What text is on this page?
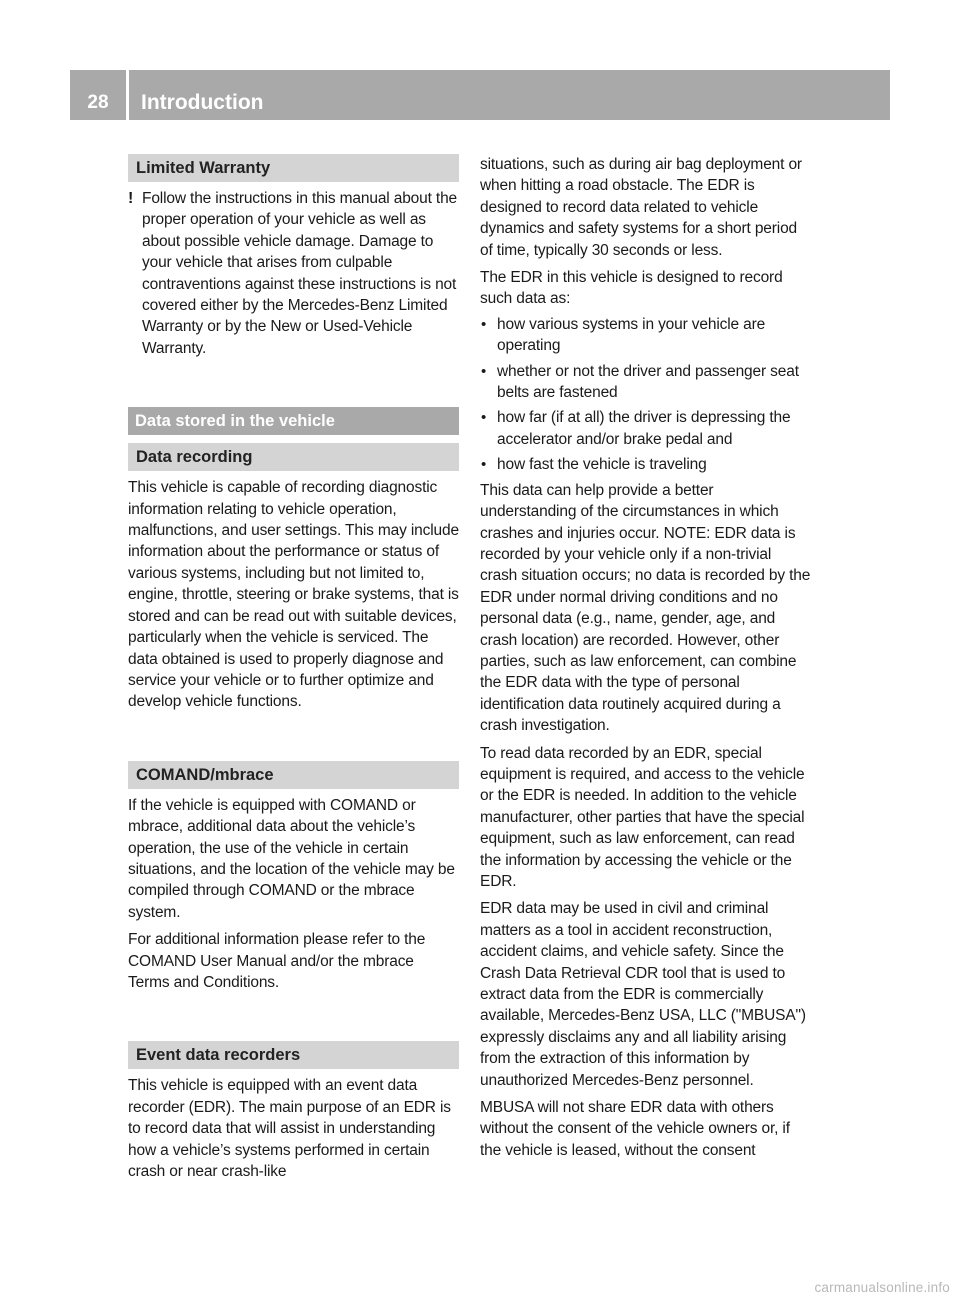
28	Introduction
Limited Warranty

! Follow the instructions in this manual about the proper operation of your vehicle as well as about possible vehicle damage. Damage to your vehicle that arises from culpable contraventions against these instructions is not covered either by the Mercedes-Benz Limited Warranty or by the New or Used-Vehicle Warranty.

Data stored in the vehicle
Data recording

This vehicle is capable of recording diagnostic information relating to vehicle operation, malfunctions, and user settings. This may include information about the performance or status of various systems, including but not limited to, engine, throttle, steering or brake systems, that is stored and can be read out with suitable devices, particularly when the vehicle is serviced. The data obtained is used to properly diagnose and service your vehicle or to further optimize and develop vehicle functions.

COMAND/mbrace

If the vehicle is equipped with COMAND or mbrace, additional data about the vehicle’s operation, the use of the vehicle in certain situations, and the location of the vehicle may be compiled through COMAND or the mbrace system.

For additional information please refer to the COMAND User Manual and/or the mbrace Terms and Conditions.

Event data recorders

This vehicle is equipped with an event data recorder (EDR). The main purpose of an EDR is to record data that will assist in understanding how a vehicle’s systems performed in certain crash or near crash-like

situations, such as during air bag deployment or when hitting a road obstacle. The EDR is designed to record data related to vehicle dynamics and safety systems for a short period of time, typically 30 seconds or less.

The EDR in this vehicle is designed to record such data as:

• how various systems in your vehicle are operating

• whether or not the driver and passenger seat belts are fastened

• how far (if at all) the driver is depressing the accelerator and/or brake pedal and

• how fast the vehicle is traveling

This data can help provide a better understanding of the circumstances in which crashes and injuries occur. NOTE: EDR data is recorded by your vehicle only if a non-trivial crash situation occurs; no data is recorded by the EDR under normal driving conditions and no personal data (e.g., name, gender, age, and crash location) are recorded. However, other parties, such as law enforcement, can combine the EDR data with the type of personal identification data routinely acquired during a crash investigation.

To read data recorded by an EDR, special equipment is required, and access to the vehicle or the EDR is needed. In addition to the vehicle manufacturer, other parties that have the special equipment, such as law enforcement, can read the information by accessing the vehicle or the EDR.

EDR data may be used in civil and criminal matters as a tool in accident reconstruction, accident claims, and vehicle safety. Since the Crash Data Retrieval CDR tool that is used to extract data from the EDR is commercially available, Mercedes-Benz USA, LLC ("MBUSA") expressly disclaims any and all liability arising from the extraction of this information by unauthorized Mercedes-Benz personnel.

MBUSA will not share EDR data with others without the consent of the vehicle owners or, if the vehicle is leased, without the consent

carmanualsonline.info
